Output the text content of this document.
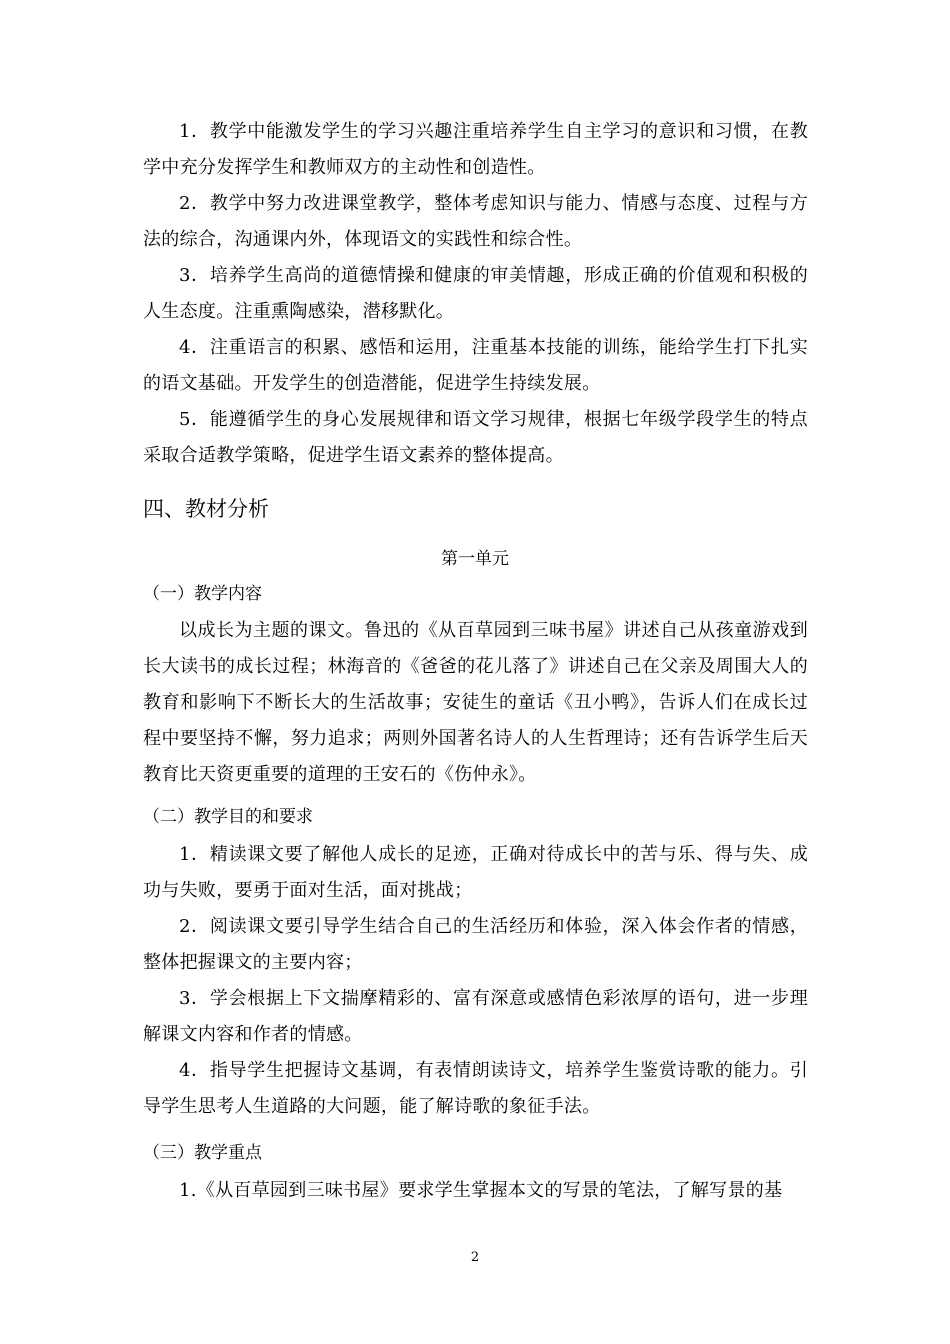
1．教学中能激发学生的学习兴趣注重培养学生自主学习的意识和习惯，在教学中充分发挥学生和教师双方的主动性和创造性。

2．教学中努力改进课堂教学，整体考虑知识与能力、情感与态度、过程与方法的综合，沟通课内外，体现语文的实践性和综合性。

3．培养学生高尚的道德情操和健康的审美情趣，形成正确的价值观和积极的人生态度。注重熏陶感染，潜移默化。

4．注重语言的积累、感悟和运用，注重基本技能的训练，能给学生打下扎实的语文基础。开发学生的创造潜能，促进学生持续发展。

5．能遵循学生的身心发展规律和语文学习规律，根据七年级学段学生的特点采取合适教学策略，促进学生语文素养的整体提高。

四、教材分析
第一单元
（一）教学内容

以成长为主题的课文。鲁迅的《从百草园到三味书屋》讲述自己从孩童游戏到长大读书的成长过程；林海音的《爸爸的花儿落了》讲述自己在父亲及周围大人的教育和影响下不断长大的生活故事；安徒生的童话《丑小鸭》，告诉人们在成长过程中要坚持不懈，努力追求；两则外国著名诗人的人生哲理诗；还有告诉学生后天教育比天资更重要的道理的王安石的《伤仲永》。

（二）教学目的和要求

1．精读课文要了解他人成长的足迹，正确对待成长中的苦与乐、得与失、成功与失败，要勇于面对生活，面对挑战；

2．阅读课文要引导学生结合自己的生活经历和体验，深入体会作者的情感，整体把握课文的主要内容；

3．学会根据上下文揣摩精彩的、富有深意或感情色彩浓厚的语句，进一步理解课文内容和作者的情感。

4．指导学生把握诗文基调，有表情朗读诗文，培养学生鉴赏诗歌的能力。引导学生思考人生道路的大问题，能了解诗歌的象征手法。

（三）教学重点

1.《从百草园到三味书屋》要求学生掌握本文的写景的笔法，了解写景的基

2
